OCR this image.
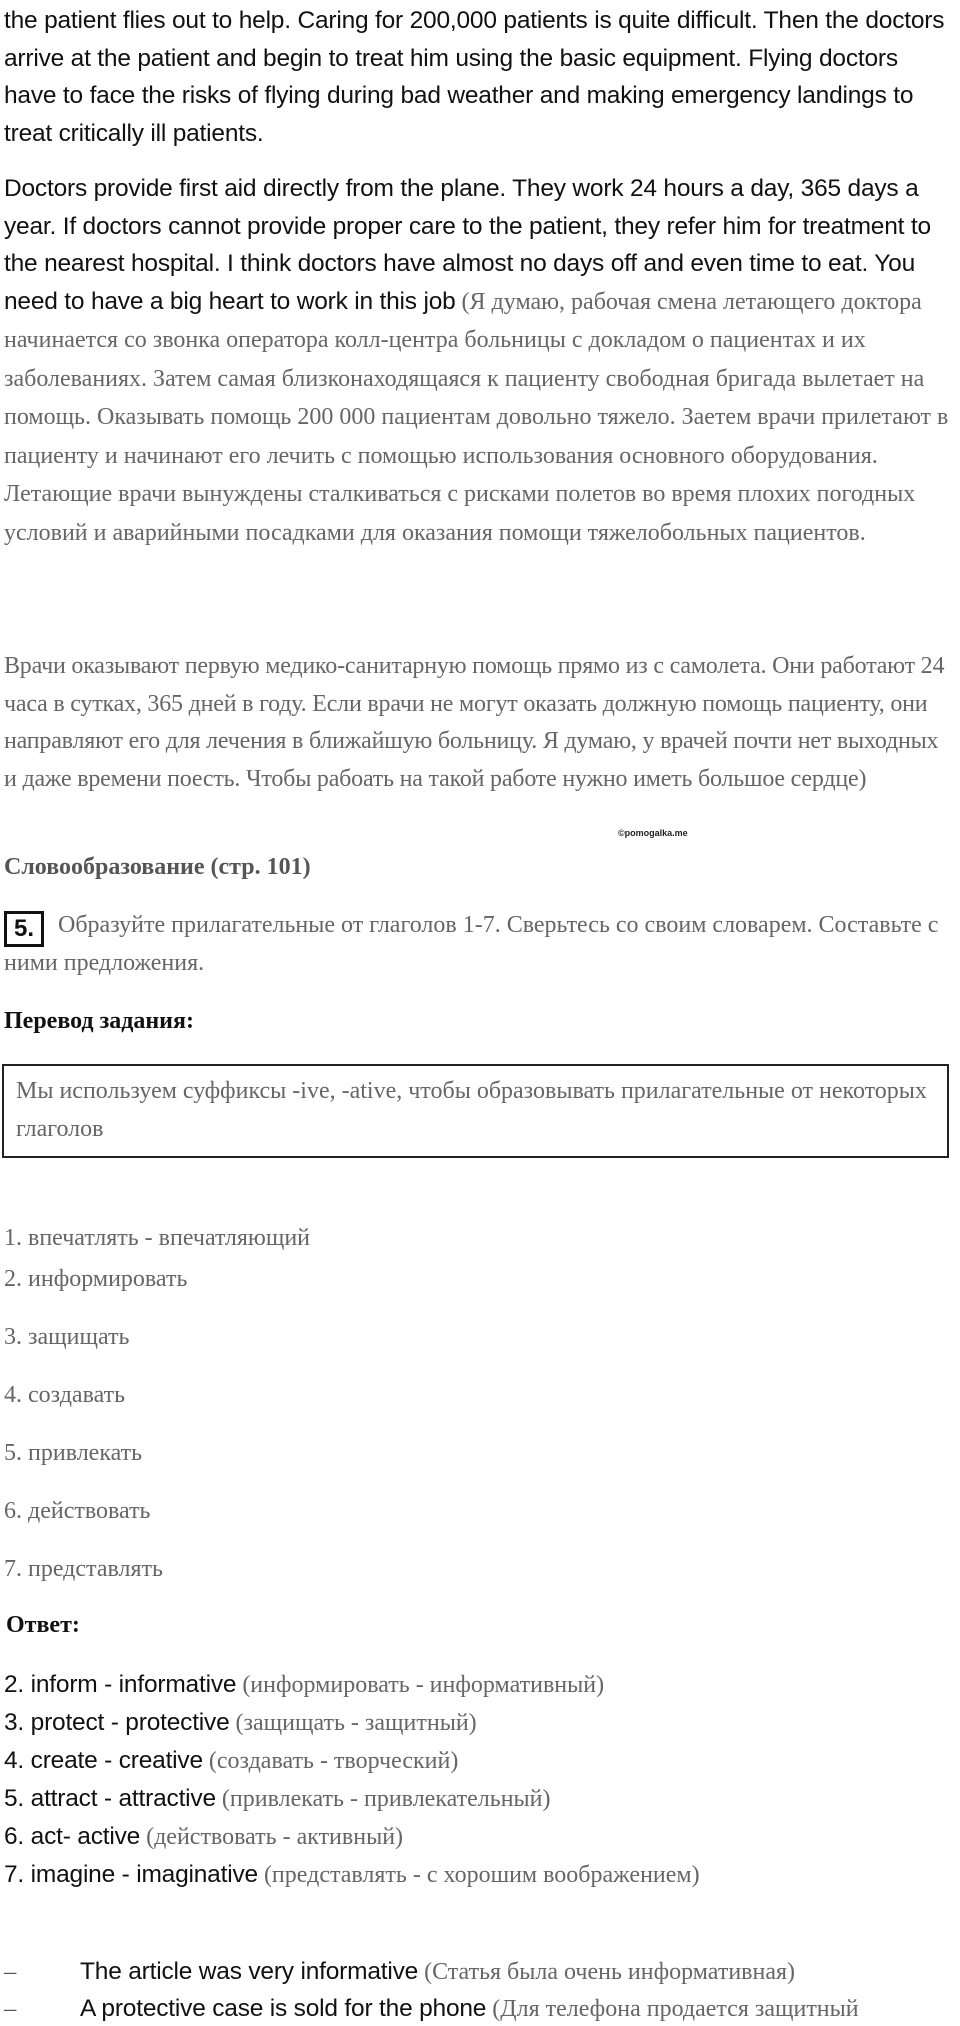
the patient flies out to help. Caring for 200,000 patients is quite difficult. Then the doctors arrive at the patient and begin to treat him using the basic equipment. Flying doctors have to face the risks of flying during bad weather and making emergency landings to treat critically ill patients.

Doctors provide first aid directly from the plane. They work 24 hours a day, 365 days a year. If doctors cannot provide proper care to the patient, they refer him for treatment to the nearest hospital. I think doctors have almost no days off and even time to eat. You need to have a big heart to work in this job (Я думаю, рабочая смена летающего доктора начинается со звонка оператора колл-центра больницы с докладом о пациентах и их заболеваниях. Затем самая близконаходящаяся к пациенту свободная бригада вылетает на помощь. Оказывать помощь 200 000 пациентам довольно тяжело. Заетем врачи прилетают в пациенту и начинают его лечить с помощью использования основного оборудования. Летающие врачи вынуждены сталкиваться с рисками полетов во время плохих погодных условий и аварийными посадками для оказания помощи тяжелобольных пациентов.

Врачи оказывают первую медико-санитарную помощь прямо из с самолета. Они работают 24 часа в сутках, 365 дней в году. Если врачи не могут оказать должную помощь пациенту, они направляют его для лечения в ближайшую больницу. Я думаю, у врачей почти нет выходных и даже времени поесть. Чтобы рабоать на такой работе нужно иметь большое сердце)

©pomogalka.me
Словообразование (стр. 101)

Образуйте прилагательные от глаголов 1-7. Сверьтесь со своим словарем. Составьте с ними предложения.

5.
Перевод задания:
Мы используем суффиксы -ive, -ative, чтобы образовывать прилагательные от некоторых глаголов
1. впечатлять - впечатляющий
2. информировать
3. защищать
4. создавать
5. привлекать
6. действовать
7. представлять
Ответ:
2. inform - informative (информировать - информативный)
3. protect - protective (защищать - защитный)
4. create - creative (создавать - творческий)
5. attract - attractive (привлекать - привлекательный)
6. act- active (действовать - активный)
7. imagine - imaginative (представлять - с хорошим воображением)
–	The article was very informative (Статья была очень информативная)
–	A protective case is sold for the phone (Для телефона продается защитный
